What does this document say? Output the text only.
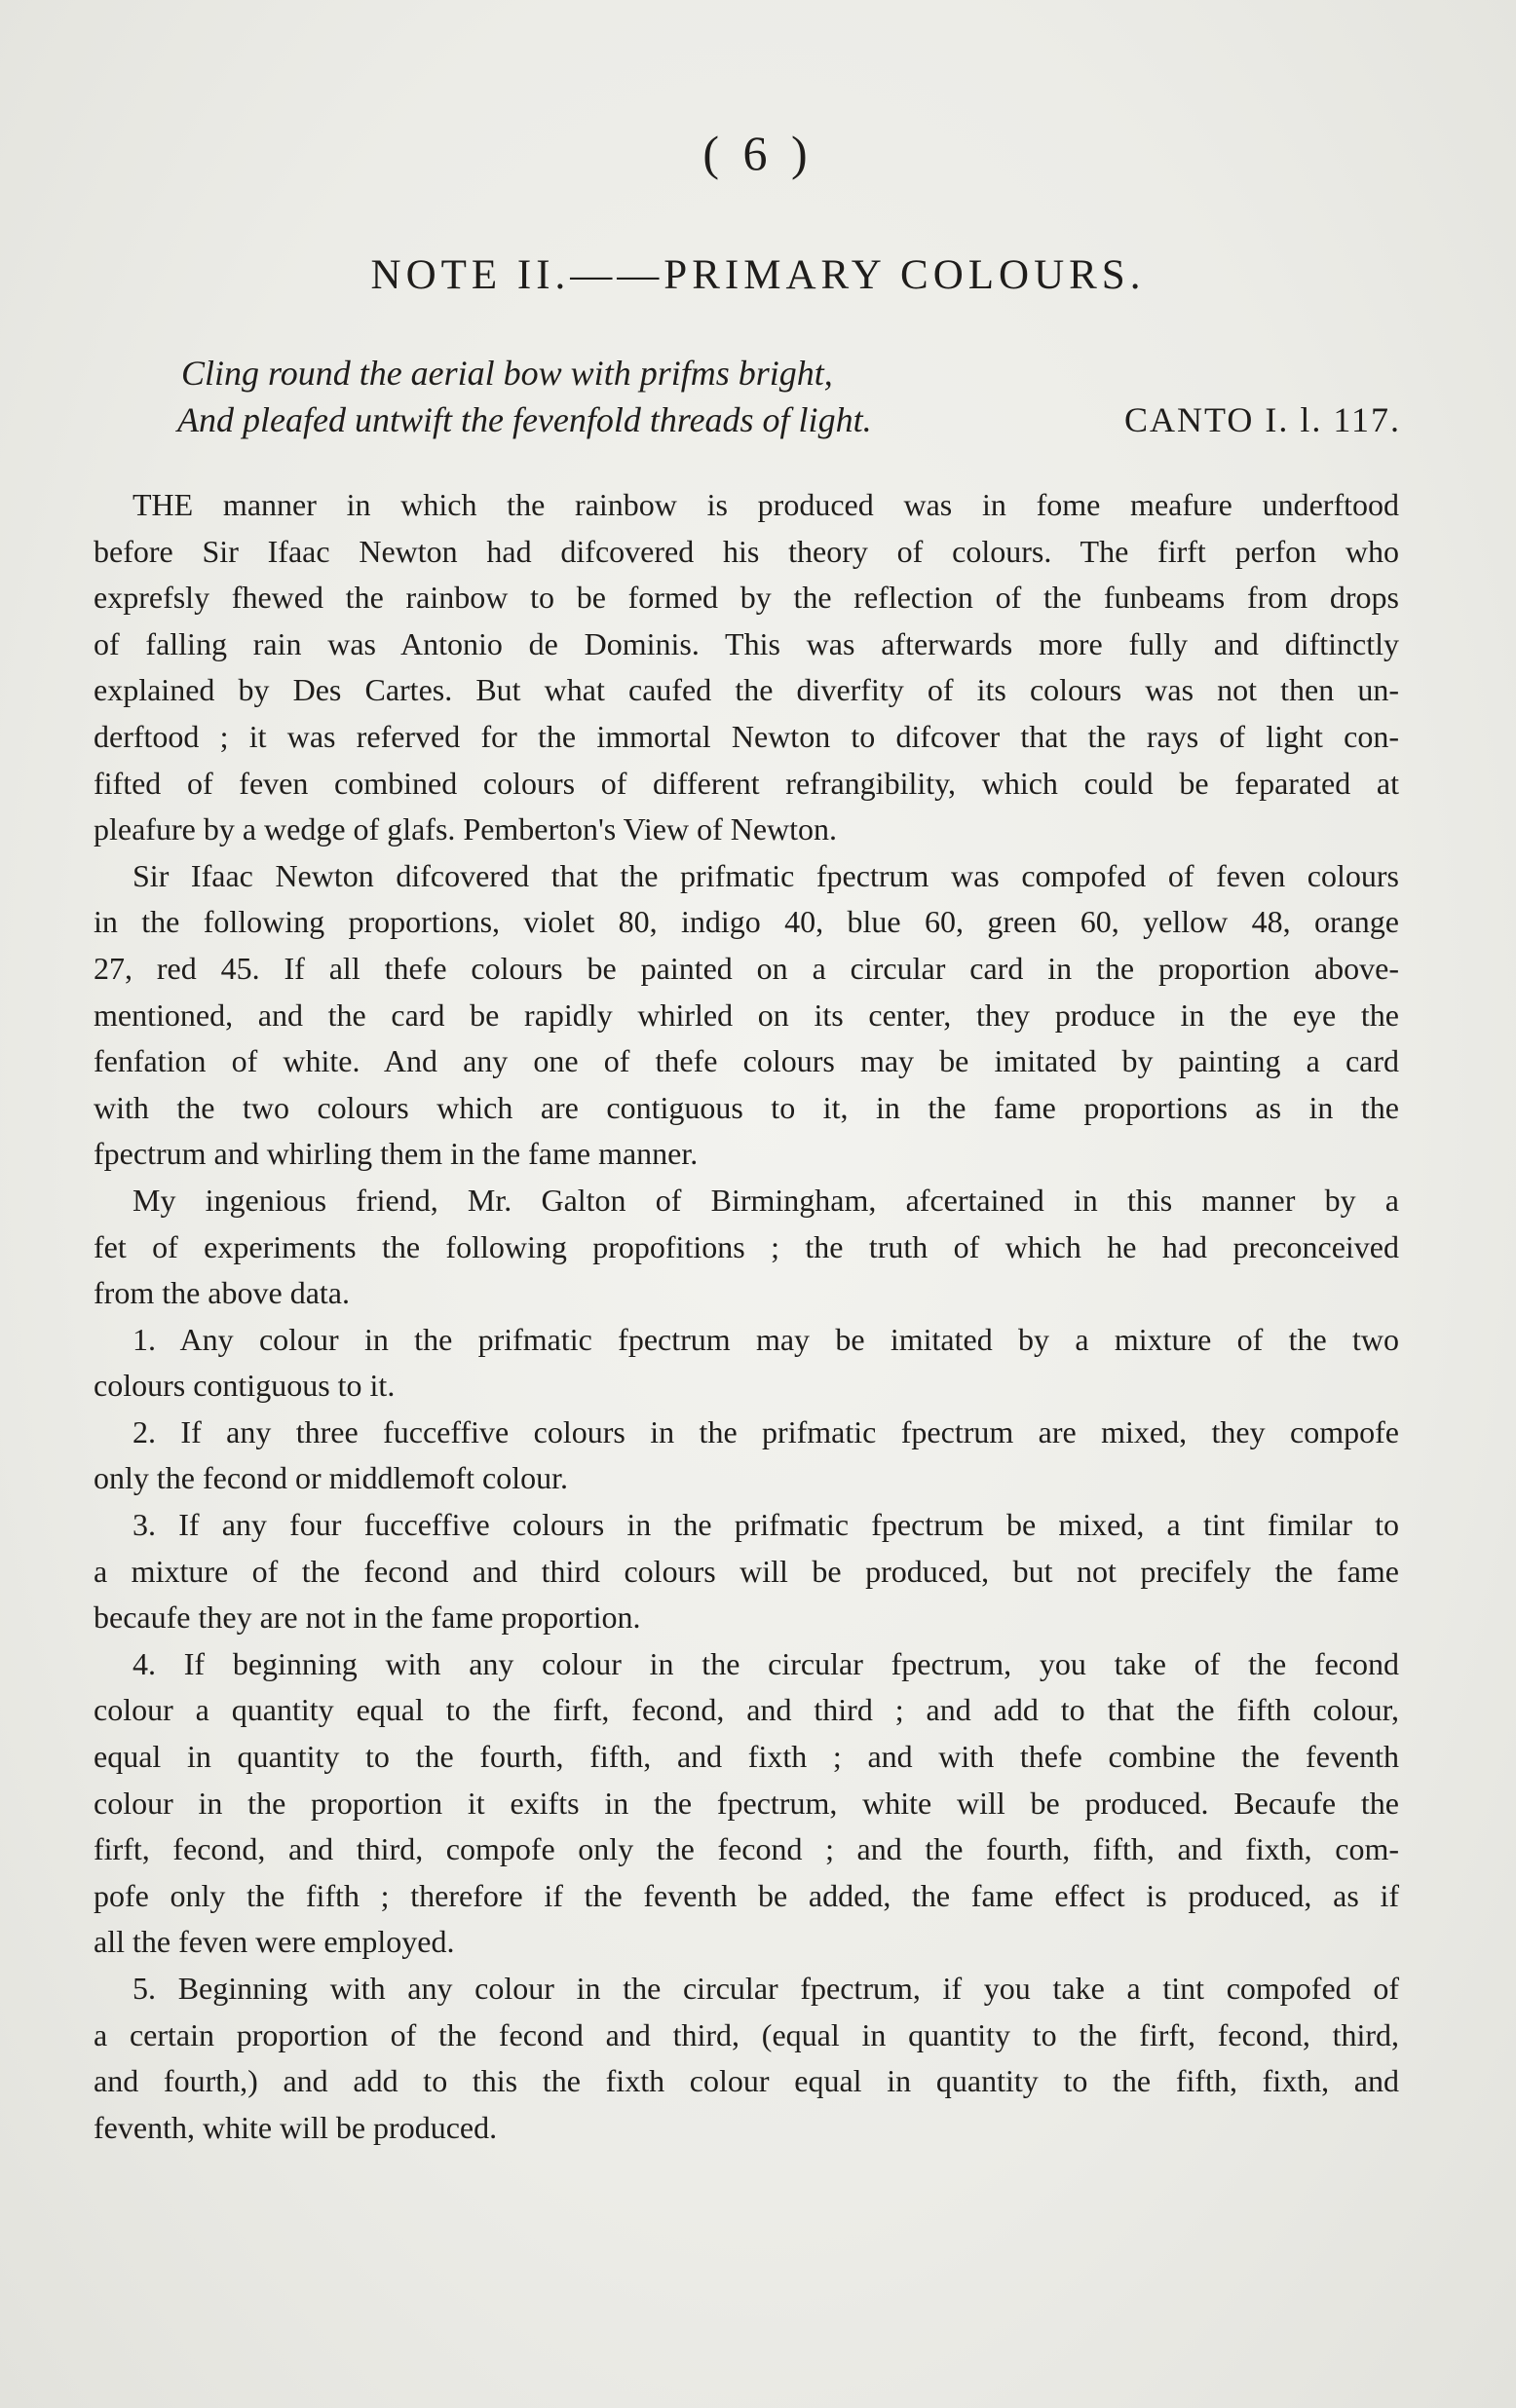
( 6 )
NOTE II.——PRIMARY COLOURS.
Cling round the aerial bow with prifms bright,
And pleafed untwift the fevenfold threads of light.	CANTO I. l. 117.
THE manner in which the rainbow is produced was in fome meafure underftood
before Sir Ifaac Newton had difcovered his theory of colours. The firft perfon who
exprefsly fhewed the rainbow to be formed by the reflection of the funbeams from drops
of falling rain was Antonio de Dominis. This was afterwards more fully and diftinctly
explained by Des Cartes. But what caufed the diverfity of its colours was not then un-
derftood ; it was referved for the immortal Newton to difcover that the rays of light con-
fifted of feven combined colours of different refrangibility, which could be feparated at
pleafure by a wedge of glafs. Pemberton's View of Newton.
Sir Ifaac Newton difcovered that the prifmatic fpectrum was compofed of feven colours
in the following proportions, violet 80, indigo 40, blue 60, green 60, yellow 48, orange
27, red 45. If all thefe colours be painted on a circular card in the proportion above-
mentioned, and the card be rapidly whirled on its center, they produce in the eye the
fenfation of white. And any one of thefe colours may be imitated by painting a card
with the two colours which are contiguous to it, in the fame proportions as in the
fpectrum and whirling them in the fame manner.
My ingenious friend, Mr. Galton of Birmingham, afcertained in this manner by a
fet of experiments the following propofitions ; the truth of which he had preconceived
from the above data.
1. Any colour in the prifmatic fpectrum may be imitated by a mixture of the two
colours contiguous to it.
2. If any three fucceffive colours in the prifmatic fpectrum are mixed, they compofe
only the fecond or middlemoft colour.
3. If any four fucceffive colours in the prifmatic fpectrum be mixed, a tint fimilar to
a mixture of the fecond and third colours will be produced, but not precifely the fame
becaufe they are not in the fame proportion.
4. If beginning with any colour in the circular fpectrum, you take of the fecond
colour a quantity equal to the firft, fecond, and third ; and add to that the fifth colour,
equal in quantity to the fourth, fifth, and fixth ; and with thefe combine the feventh
colour in the proportion it exifts in the fpectrum, white will be produced. Becaufe the
firft, fecond, and third, compofe only the fecond ; and the fourth, fifth, and fixth, com-
pofe only the fifth ; therefore if the feventh be added, the fame effect is produced, as if
all the feven were employed.
5. Beginning with any colour in the circular fpectrum, if you take a tint compofed of
a certain proportion of the fecond and third, (equal in quantity to the firft, fecond, third,
and fourth,) and add to this the fixth colour equal in quantity to the fifth, fixth, and
feventh, white will be produced.
